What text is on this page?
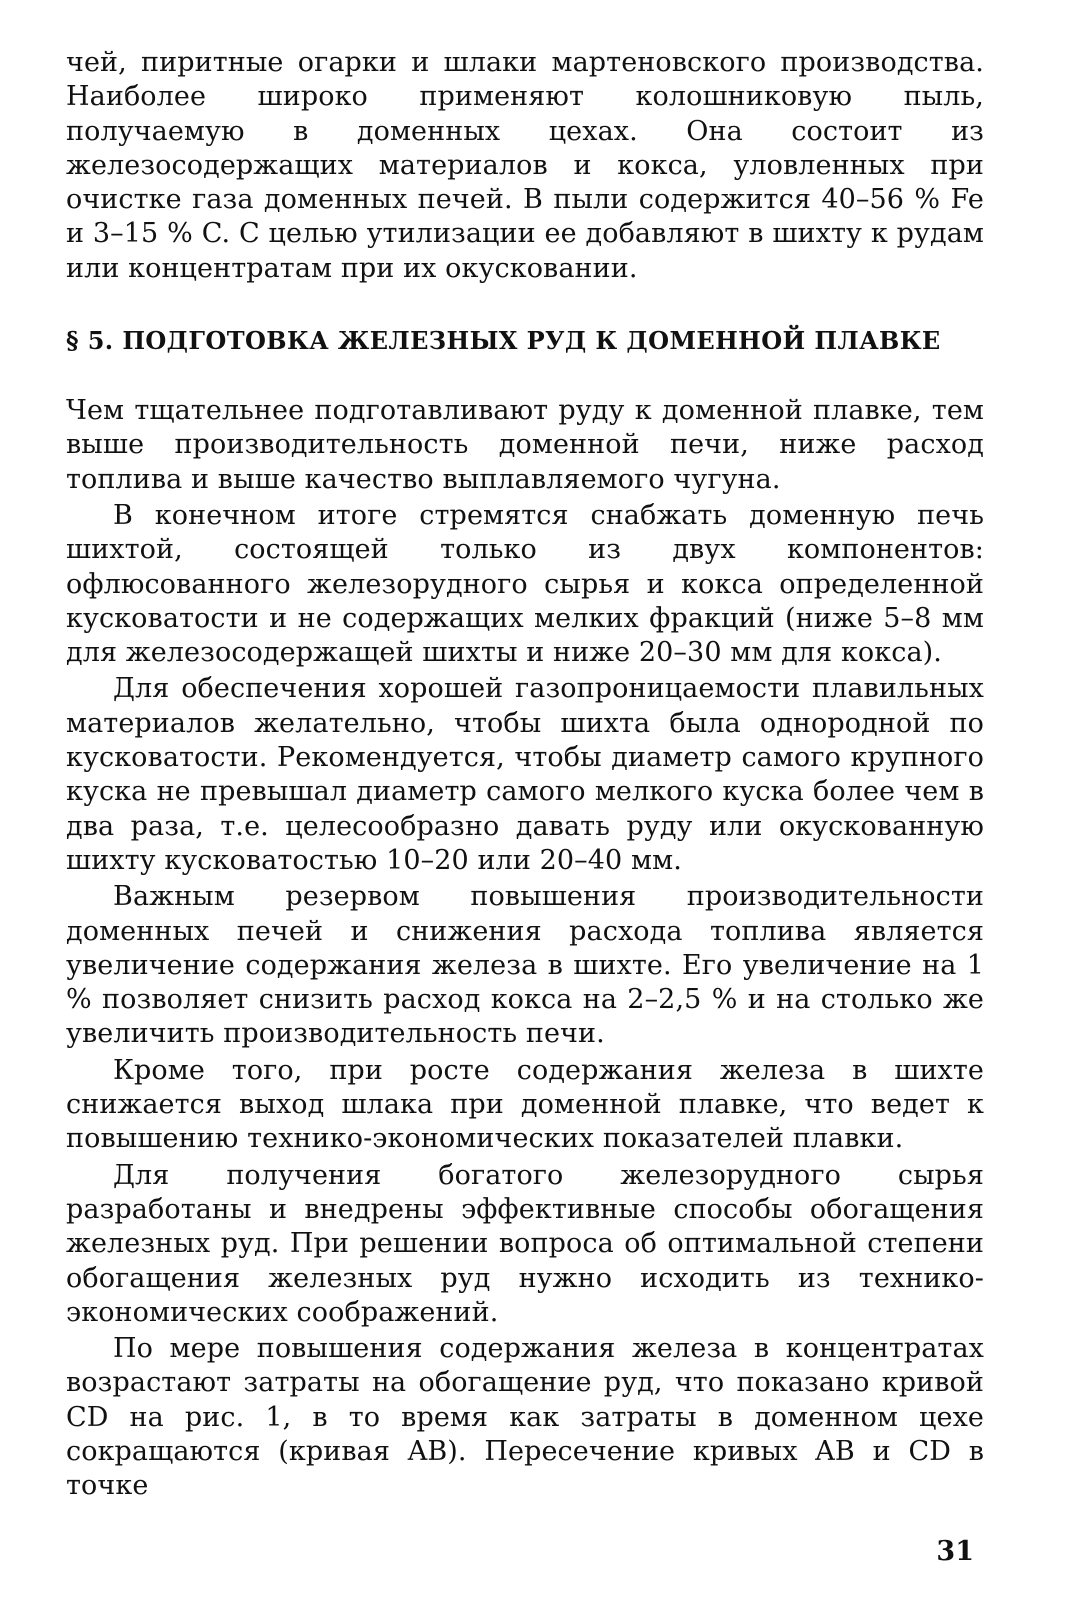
чей, пиритные огарки и шлаки мартеновского производства. Наиболее широко применяют колошниковую пыль, получаемую в доменных цехах. Она состоит из железосодержащих материалов и кокса, уловленных при очистке газа доменных печей. В пыли содержится 40–56 % Fe и 3–15 % C. С целью утилизации ее добавляют в шихту к рудам или концентратам при их окусковании.

§ 5. ПОДГОТОВКА ЖЕЛЕЗНЫХ РУД К ДОМЕННОЙ ПЛАВКЕ

Чем тщательнее подготавливают руду к доменной плавке, тем выше производительность доменной печи, ниже расход топлива и выше качество выплавляемого чугуна.

В конечном итоге стремятся снабжать доменную печь шихтой, состоящей только из двух компонентов: офлюсованного железорудного сырья и кокса определенной кусковатости и не содержащих мелких фракций (ниже 5–8 мм для железосодержащей шихты и ниже 20–30 мм для кокса).

Для обеспечения хорошей газопроницаемости плавильных материалов желательно, чтобы шихта была однородной по кусковатости. Рекомендуется, чтобы диаметр самого крупного куска не превышал диаметр самого мелкого куска более чем в два раза, т.е. целесообразно давать руду или окускованную шихту кусковатостью 10–20 или 20–40 мм.

Важным резервом повышения производительности доменных печей и снижения расхода топлива является увеличение содержания железа в шихте. Его увеличение на 1 % позволяет снизить расход кокса на 2–2,5 % и на столько же увеличить производительность печи.

Кроме того, при росте содержания железа в шихте снижается выход шлака при доменной плавке, что ведет к повышению технико-экономических показателей плавки.

Для получения богатого железорудного сырья разработаны и внедрены эффективные способы обогащения железных руд. При решении вопроса об оптимальной степени обогащения железных руд нужно исходить из технико-экономических соображений.

По мере повышения содержания железа в концентратах возрастают затраты на обогащение руд, что показано кривой CD на рис. 1, в то время как затраты в доменном цехе сокращаются (кривая AB). Пересечение кривых AB и CD в точке

31
